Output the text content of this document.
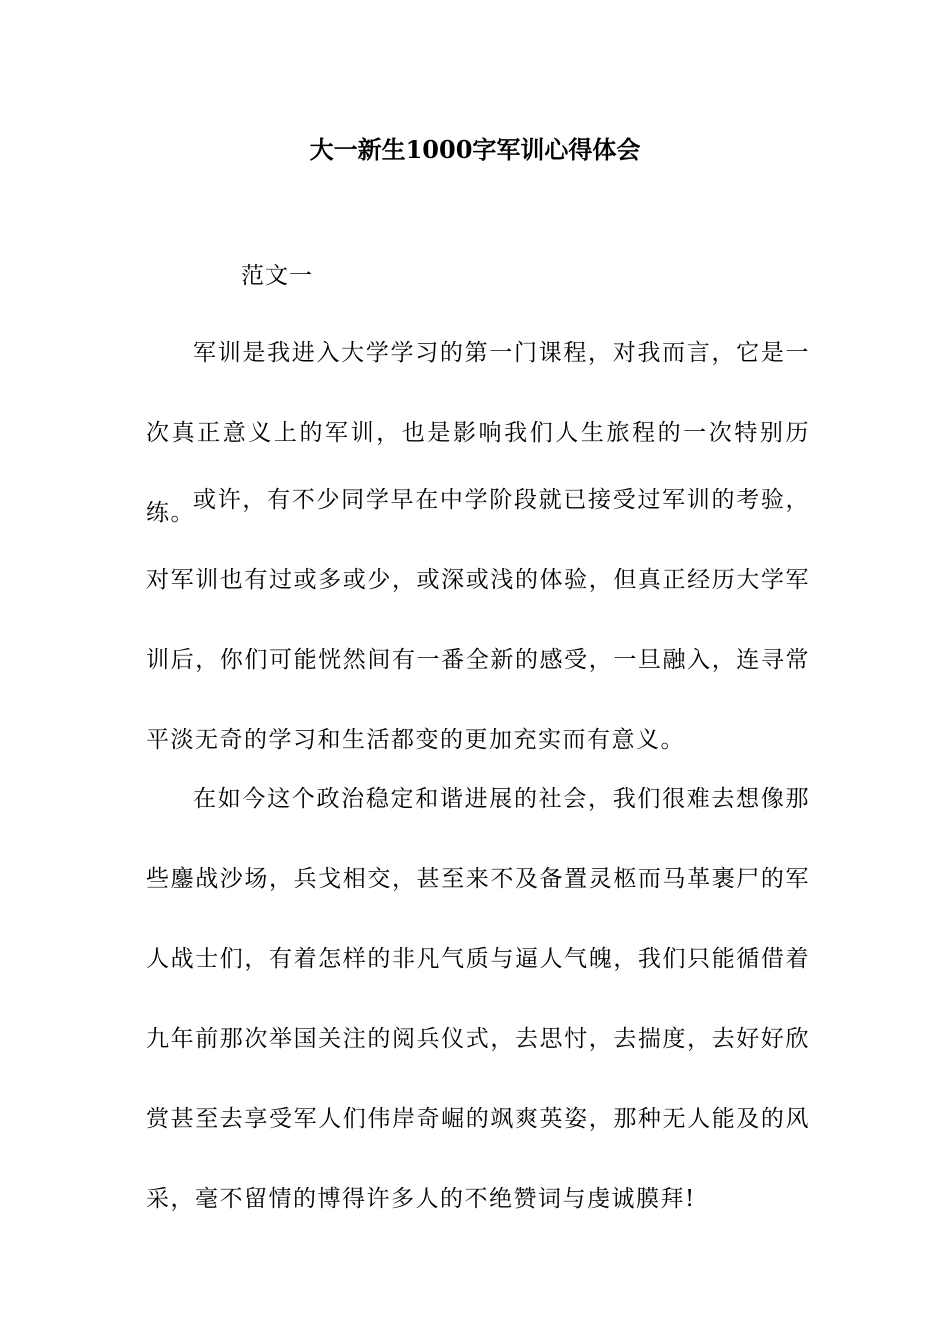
大一新生1000字军训心得体会
范文一

军训是我进入大学学习的第一门课程，对我而言，它是一次真正意义上的军训，也是影响我们人生旅程的一次特别历练。

或许，有不少同学早在中学阶段就已接受过军训的考验，对军训也有过或多或少，或深或浅的体验，但真正经历大学军训后，你们可能恍然间有一番全新的感受，一旦融入，连寻常平淡无奇的学习和生活都变的更加充实而有意义。

在如今这个政治稳定和谐进展的社会，我们很难去想像那些鏖战沙场，兵戈相交，甚至来不及备置灵柩而马革裹尸的军人战士们，有着怎样的非凡气质与逼人气魄，我们只能循借着九年前那次举国关注的阅兵仪式，去思忖，去揣度，去好好欣赏甚至去享受军人们伟岸奇崛的飒爽英姿，那种无人能及的风采，毫不留情的博得许多人的不绝赞词与虔诚膜拜!
